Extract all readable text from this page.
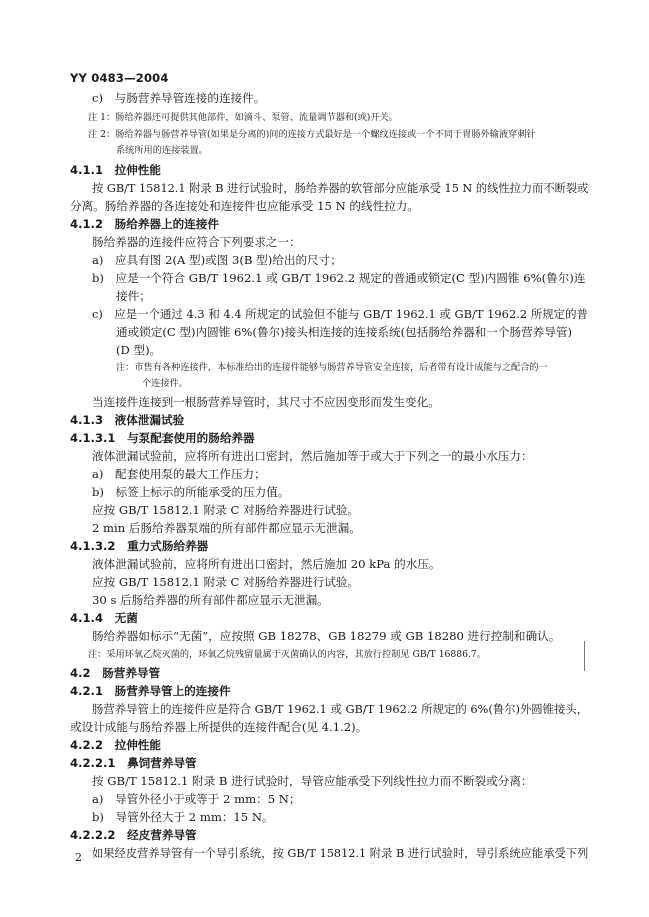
YY 0483—2004
c)　与肠营养导管连接的连接件。
注 1：肠给养器还可提供其他部件，如滴斗、泵管、流量调节器和(或)开关。
注 2：肠给养器与肠营养导管(如果是分离的)间的连接方式最好是一个螺纹连接或一个不同于胃肠外输液穿刺针
系统所用的连接装置。
4.1.1　拉伸性能
按 GB/T 15812.1 附录 B 进行试验时，肠给养器的软管部分应能承受 15 N 的线性拉力而不断裂或
分离。肠给养器的各连接处和连接件也应能承受 15 N 的线性拉力。
4.1.2　肠给养器上的连接件
肠给养器的连接件应符合下列要求之一：
a)　应具有图 2(A 型)或图 3(B 型)给出的尺寸；
b)　应是一个符合 GB/T 1962.1 或 GB/T 1962.2 规定的普通或锁定(C 型)内圆锥 6%(鲁尔)连
接件；
c)　应是一个通过 4.3 和 4.4 所规定的试验但不能与 GB/T 1962.1 或 GB/T 1962.2 所规定的普
通或锁定(C 型)内圆锥 6%(鲁尔)接头相连接的连接系统(包括肠给养器和一个肠营养导管)
(D 型)。
注：市售有各种连接件，本标准给出的连接件能够与肠营养导管安全连接，后者带有设计成能与之配合的一
个连接件。
当连接件连接到一根肠营养导管时，其尺寸不应因变形而发生变化。
4.1.3　液体泄漏试验
4.1.3.1　与泵配套使用的肠给养器
液体泄漏试验前，应将所有进出口密封，然后施加等于或大于下列之一的最小水压力：
a)　配套使用泵的最大工作压力；
b)　标签上标示的所能承受的压力值。
应按 GB/T 15812.1 附录 C 对肠给养器进行试验。
2 min 后肠给养器泵端的所有部件都应显示无泄漏。
4.1.3.2　重力式肠给养器
液体泄漏试验前，应将所有进出口密封，然后施加 20 kPa 的水压。
应按 GB/T 15812.1 附录 C 对肠给养器进行试验。
30 s 后肠给养器的所有部件都应显示无泄漏。
4.1.4　无菌
肠给养器如标示“无菌”，应按照 GB 18278、GB 18279 或 GB 18280 进行控制和确认。
注：采用环氧乙烷灭菌的，环氧乙烷残留量属于灭菌确认的内容，其放行控制见 GB/T 16886.7。
4.2　肠营养导管
4.2.1　肠营养导管上的连接件
肠营养导管上的连接件应是符合 GB/T 1962.1 或 GB/T 1962.2 所规定的 6%(鲁尔)外圆锥接头，
或设计成能与肠给养器上所提供的连接件配合(见 4.1.2)。
4.2.2　拉伸性能
4.2.2.1　鼻饲营养导管
按 GB/T 15812.1 附录 B 进行试验时，导管应能承受下列线性拉力而不断裂或分离：
a)　导管外径小于或等于 2 mm：5 N；
b)　导管外径大于 2 mm：15 N。
4.2.2.2　经皮营养导管
如果经皮营养导管有一个导引系统，按 GB/T 15812.1 附录 B 进行试验时，导引系统应能承受下列
2
